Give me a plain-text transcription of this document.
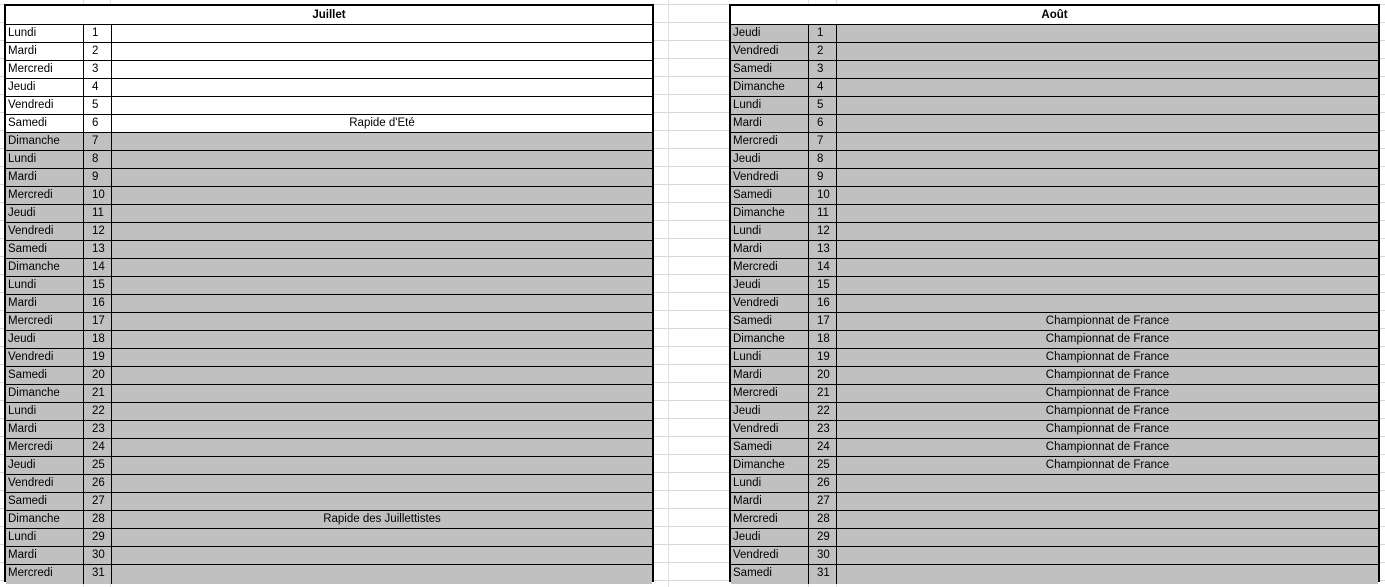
Juillet
Lundi	1
Mardi	2
Mercredi	3
Jeudi	4
Vendredi	5
Samedi	6	Rapide d'Eté
Dimanche	7
Lundi	8
Mardi	9
Mercredi	10
Jeudi	11
Vendredi	12
Samedi	13
Dimanche	14
Lundi	15
Mardi	16
Mercredi	17
Jeudi	18
Vendredi	19
Samedi	20
Dimanche	21
Lundi	22
Mardi	23
Mercredi	24
Jeudi	25
Vendredi	26
Samedi	27
Dimanche	28	Rapide des Juillettistes
Lundi	29
Mardi	30
Mercredi	31
Août
Jeudi	1
Vendredi	2
Samedi	3
Dimanche	4
Lundi	5
Mardi	6
Mercredi	7
Jeudi	8
Vendredi	9
Samedi	10
Dimanche	11
Lundi	12
Mardi	13
Mercredi	14
Jeudi	15
Vendredi	16
Samedi	17	Championnat de France
Dimanche	18	Championnat de France
Lundi	19	Championnat de France
Mardi	20	Championnat de France
Mercredi	21	Championnat de France
Jeudi	22	Championnat de France
Vendredi	23	Championnat de France
Samedi	24	Championnat de France
Dimanche	25	Championnat de France
Lundi	26
Mardi	27
Mercredi	28
Jeudi	29
Vendredi	30
Samedi	31
